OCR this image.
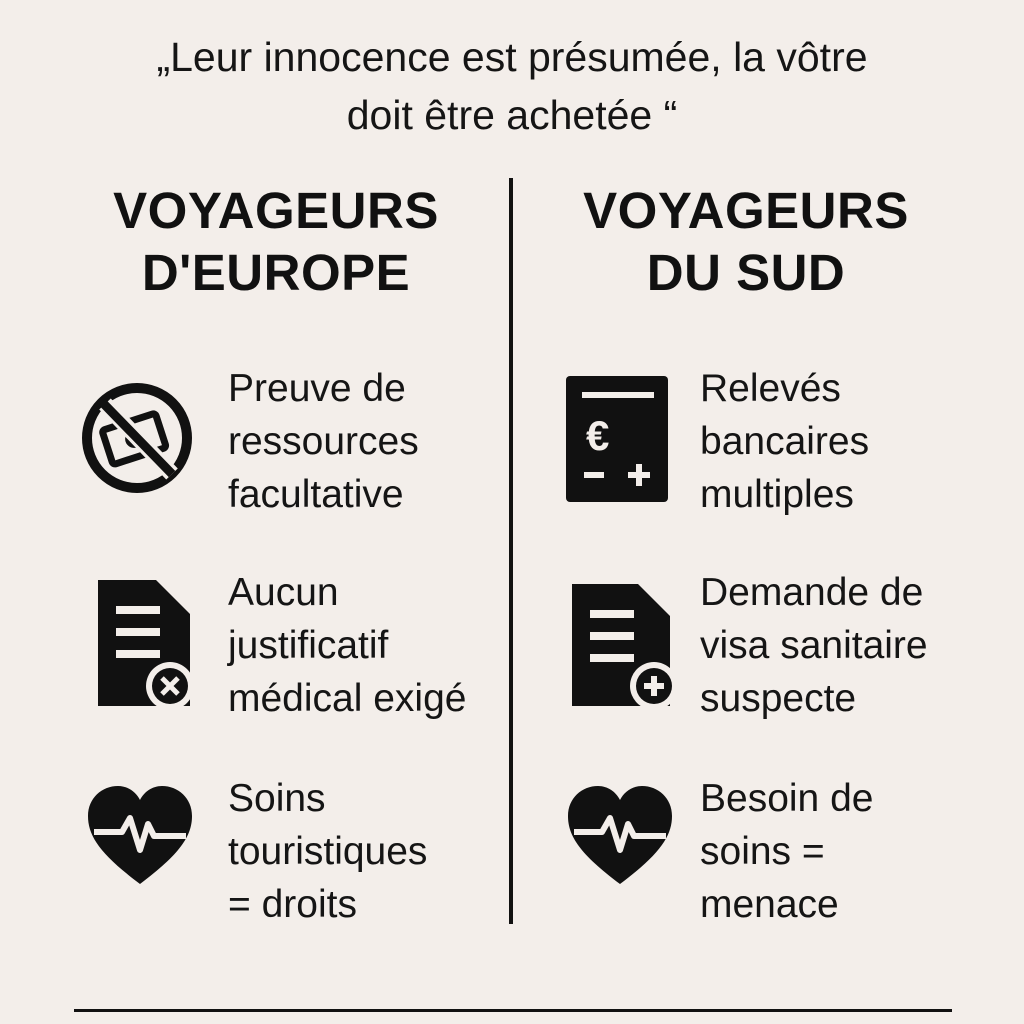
„Leur innocence est présumée, la vôtre
doit être achetée “
VOYAGEURS
D'EUROPE
VOYAGEURS
DU SUD
Preuve de
ressources
facultative
Aucun
justificatif
médical exigé
Soins
touristiques
= droits
€
Relevés
bancaires
multiples
Demande de
visa sanitaire
suspecte
Besoin de
soins =
menace
